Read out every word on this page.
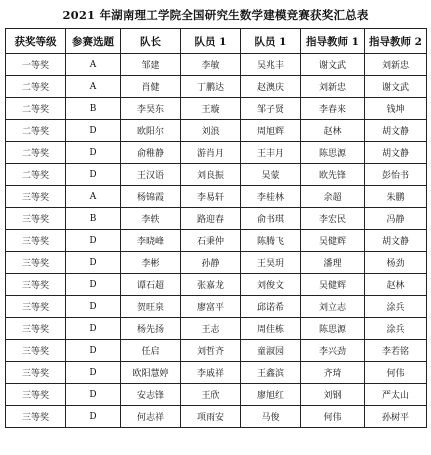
2021 年湖南理工学院全国研究生数学建模竞赛获奖汇总表
获奖等级	参赛选题	队长	队员 1	队员 1	指导教师 1	指导教师 2
一等奖	A	邹建	李敏	吴兆丰	谢文武	刘新忠
二等奖	A	肖健	丁鹏达	赵澳庆	刘新忠	谢文武
二等奖	B	李昊东	王璇	邹子贤	李春来	钱坤
二等奖	D	欧阳尔	刘浪	周旭辉	赵林	胡文静
二等奖	D	俞稚静	游肖月	王丰月	陈思源	胡文静
二等奖	D	王汉语	刘良振	吴蒙	欧先锋	彭怡书
三等奖	A	杨锦霞	李易轩	李桂林	余超	朱鹏
三等奖	B	李轶	路迎春	俞书琪	李宏民	冯静
三等奖	D	李晓峰	石秉仲	陈腾飞	吴健辉	胡文静
三等奖	D	李彬	孙静	王昊玥	潘理	杨劲
三等奖	D	谭石超	张嘉龙	刘俊文	吴健辉	赵林
三等奖	D	贺旺泉	廖富平	邱诺希	刘立志	涂兵
三等奖	D	杨先扬	王志	周佳栋	陈思源	涂兵
三等奖	D	任启	刘哲齐	童淑园	李兴劲	李若铭
三等奖	D	欧阳慧婷	李戚祥	王鑫滨	齐琦	何伟
三等奖	D	安志锋	王欣	廖旭红	刘钢	严太山
三等奖	D	何志祥	项雨安	马俊	何伟	孙树平
